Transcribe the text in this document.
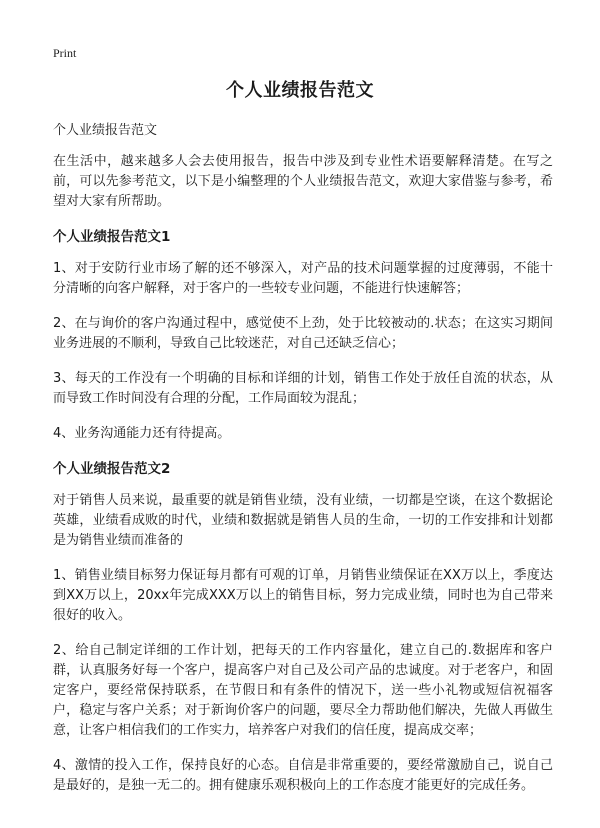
Print
个人业绩报告范文
个人业绩报告范文

在生活中，越来越多人会去使用报告，报告中涉及到专业性术语要解释清楚。在写之前，可以先参考范文，以下是小编整理的个人业绩报告范文，欢迎大家借鉴与参考，希望对大家有所帮助。

个人业绩报告范文1

1、对于安防行业市场了解的还不够深入，对产品的技术问题掌握的过度薄弱，不能十分清晰的向客户解释，对于客户的一些较专业问题，不能进行快速解答；

2、在与询价的客户沟通过程中，感觉使不上劲，处于比较被动的.状态；在这实习期间业务进展的不顺利，导致自己比较迷茫，对自己还缺乏信心；

3、每天的工作没有一个明确的目标和详细的计划，销售工作处于放任自流的状态，从而导致工作时间没有合理的分配，工作局面较为混乱；

4、业务沟通能力还有待提高。

个人业绩报告范文2

对于销售人员来说，最重要的就是销售业绩，没有业绩，一切都是空谈，在这个数据论英雄，业绩看成败的时代，业绩和数据就是销售人员的生命，一切的工作安排和计划都是为销售业绩而准备的

1、销售业绩目标努力保证每月都有可观的订单，月销售业绩保证在XX万以上，季度达到XX万以上，20xx年完成XXX万以上的销售目标，努力完成业绩，同时也为自己带来很好的收入。

2、给自己制定详细的工作计划，把每天的工作内容量化，建立自己的.数据库和客户群，认真服务好每一个客户，提高客户对自己及公司产品的忠诚度。对于老客户，和固定客户，要经常保持联系，在节假日和有条件的情况下，送一些小礼物或短信祝福客户，稳定与客户关系；对于新询价客户的问题，要尽全力帮助他们解决，先做人再做生意，让客户相信我们的工作实力，培养客户对我们的信任度，提高成交率；

4、激情的投入工作，保持良好的心态。自信是非常重要的，要经常激励自己，说自己是最好的，是独一无二的。拥有健康乐观积极向上的工作态度才能更好的完成任务。
